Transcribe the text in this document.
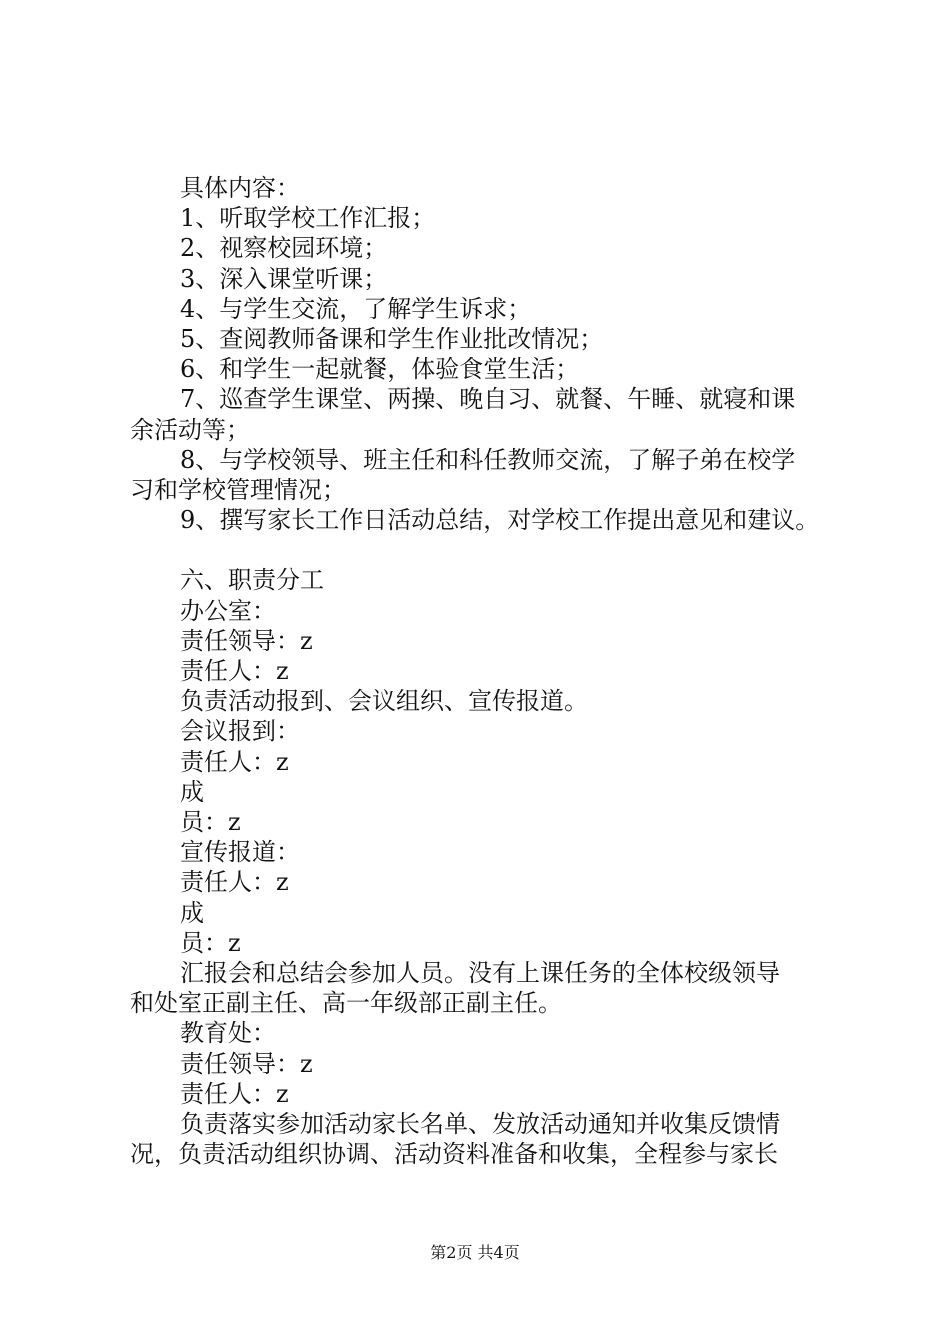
具体内容：
1、听取学校工作汇报；
2、视察校园环境；
3、深入课堂听课；
4、与学生交流，了解学生诉求；
5、查阅教师备课和学生作业批改情况；
6、和学生一起就餐，体验食堂生活；
7、巡查学生课堂、两操、晚自习、就餐、午睡、就寝和课
余活动等；
8、与学校领导、班主任和科任教师交流，了解子弟在校学
习和学校管理情况；
9、撰写家长工作日活动总结，对学校工作提出意见和建议。
六、职责分工
办公室：
责任领导：z
责任人：z
负责活动报到、会议组织、宣传报道。
会议报到：
责任人：z
成
员：z
宣传报道：
责任人：z
成
员：z
汇报会和总结会参加人员。没有上课任务的全体校级领导
和处室正副主任、高一年级部正副主任。
教育处：
责任领导：z
责任人：z
负责落实参加活动家长名单、发放活动通知并收集反馈情
况，负责活动组织协调、活动资料准备和收集，全程参与家长
第2页 共4页
